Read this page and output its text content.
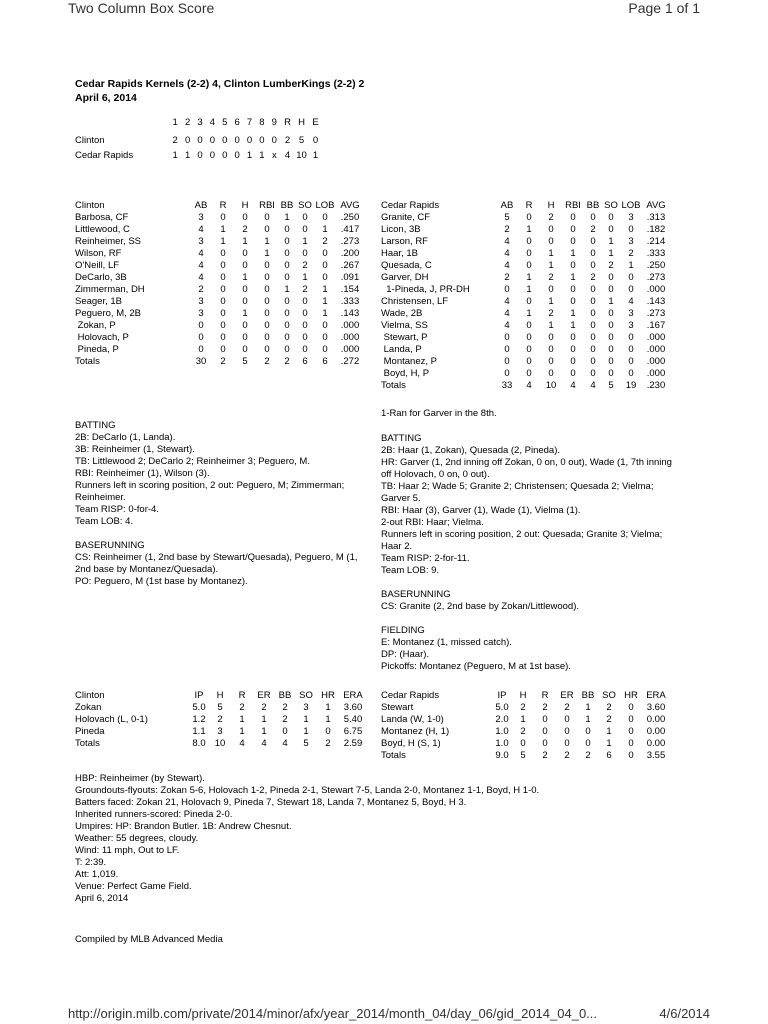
Two Column Box Score	Page 1 of 1
Cedar Rapids Kernels (2-2) 4, Clinton LumberKings (2-2) 2
April 6, 2014
	1	2	3	4	5	6	7	8	9	R	H	E

Clinton	2	0	0	0	0	0	0	0	0	2	5	0
Cedar Rapids	1	1	0	0	0	0	1	1	x	4	10	1
Clinton	AB	R	H	RBI	BB	SO	LOB	AVG
Barbosa, CF	3	0	0	0	1	0	0	.250
Littlewood, C	4	1	2	0	0	0	1	.417
Reinheimer, SS	3	1	1	1	0	1	2	.273
Wilson, RF	4	0	0	1	0	0	0	.200
O'Neill, LF	4	0	0	0	0	2	0	.267
DeCarlo, 3B	4	0	1	0	0	1	0	.091
Zimmerman, DH	2	0	0	0	1	2	1	.154
Seager, 1B	3	0	0	0	0	0	1	.333
Peguero, M, 2B	3	0	1	0	0	0	1	.143
Zokan, P	0	0	0	0	0	0	0	.000
Holovach, P	0	0	0	0	0	0	0	.000
Pineda, P	0	0	0	0	0	0	0	.000
Totals	30	2	5	2	2	6	6	.272
Cedar Rapids	AB	R	H	RBI	BB	SO	LOB	AVG
Granite, CF	5	0	2	0	0	0	3	.313
Licon, 3B	2	1	0	0	2	0	0	.182
Larson, RF	4	0	0	0	0	1	3	.214
Haar, 1B	4	0	1	1	0	1	2	.333
Quesada, C	4	0	1	0	0	2	1	.250
Garver, DH	2	1	2	1	2	0	0	.273
1-Pineda, J, PR-DH	0	1	0	0	0	0	0	.000
Christensen, LF	4	0	1	0	0	1	4	.143
Wade, 2B	4	1	2	1	0	0	3	.273
Vielma, SS	4	0	1	1	0	0	3	.167
Stewart, P	0	0	0	0	0	0	0	.000
Landa, P	0	0	0	0	0	0	0	.000
Montanez, P	0	0	0	0	0	0	0	.000
Boyd, H, P	0	0	0	0	0	0	0	.000
Totals	33	4	10	4	4	5	19	.230
1-Ran for Garver in the 8th.
BATTING
2B: DeCarlo (1, Landa).
3B: Reinheimer (1, Stewart).
TB: Littlewood 2; DeCarlo 2; Reinheimer 3; Peguero, M.
RBI: Reinheimer (1), Wilson (3).
Runners left in scoring position, 2 out: Peguero, M; Zimmerman; Reinheimer.
Team RISP: 0-for-4.
Team LOB: 4.
BASERUNNING
CS: Reinheimer (1, 2nd base by Stewart/Quesada), Peguero, M (1, 2nd base by Montanez/Quesada).
PO: Peguero, M (1st base by Montanez).
BATTING
2B: Haar (1, Zokan), Quesada (2, Pineda).
HR: Garver (1, 2nd inning off Zokan, 0 on, 0 out), Wade (1, 7th inning off Holovach, 0 on, 0 out).
TB: Haar 2; Wade 5; Granite 2; Christensen; Quesada 2; Vielma; Garver 5.
RBI: Haar (3), Garver (1), Wade (1), Vielma (1).
2-out RBI: Haar; Vielma.
Runners left in scoring position, 2 out: Quesada; Granite 3; Vielma; Haar 2.
Team RISP: 2-for-11.
Team LOB: 9.
BASERUNNING
CS: Granite (2, 2nd base by Zokan/Littlewood).
FIELDING
E: Montanez (1, missed catch).
DP: (Haar).
Pickoffs: Montanez (Peguero, M at 1st base).
Clinton	IP	H	R	ER	BB	SO	HR	ERA
Zokan	5.0	5	2	2	2	3	1	3.60
Holovach (L, 0-1)	1.2	2	1	1	2	1	1	5.40
Pineda	1.1	3	1	1	0	1	0	6.75
Totals	8.0	10	4	4	4	5	2	2.59
Cedar Rapids	IP	H	R	ER	BB	SO	HR	ERA
Stewart	5.0	2	2	2	1	2	0	3.60
Landa (W, 1-0)	2.0	1	0	0	1	2	0	0.00
Montanez (H, 1)	1.0	2	0	0	0	1	0	0.00
Boyd, H (S, 1)	1.0	0	0	0	0	1	0	0.00
Totals	9.0	5	2	2	2	6	0	3.55
HBP: Reinheimer (by Stewart).
Groundouts-flyouts: Zokan 5-6, Holovach 1-2, Pineda 2-1, Stewart 7-5, Landa 2-0, Montanez 1-1, Boyd, H 1-0.
Batters faced: Zokan 21, Holovach 9, Pineda 7, Stewart 18, Landa 7, Montanez 5, Boyd, H 3.
Inherited runners-scored: Pineda 2-0.
Umpires: HP: Brandon Butler. 1B: Andrew Chesnut.
Weather: 55 degrees, cloudy.
Wind: 11 mph, Out to LF.
T: 2:39.
Att: 1,019.
Venue: Perfect Game Field.
April 6, 2014
Compiled by MLB Advanced Media
http://origin.milb.com/private/2014/minor/afx/year_2014/month_04/day_06/gid_2014_04_0...	4/6/2014
